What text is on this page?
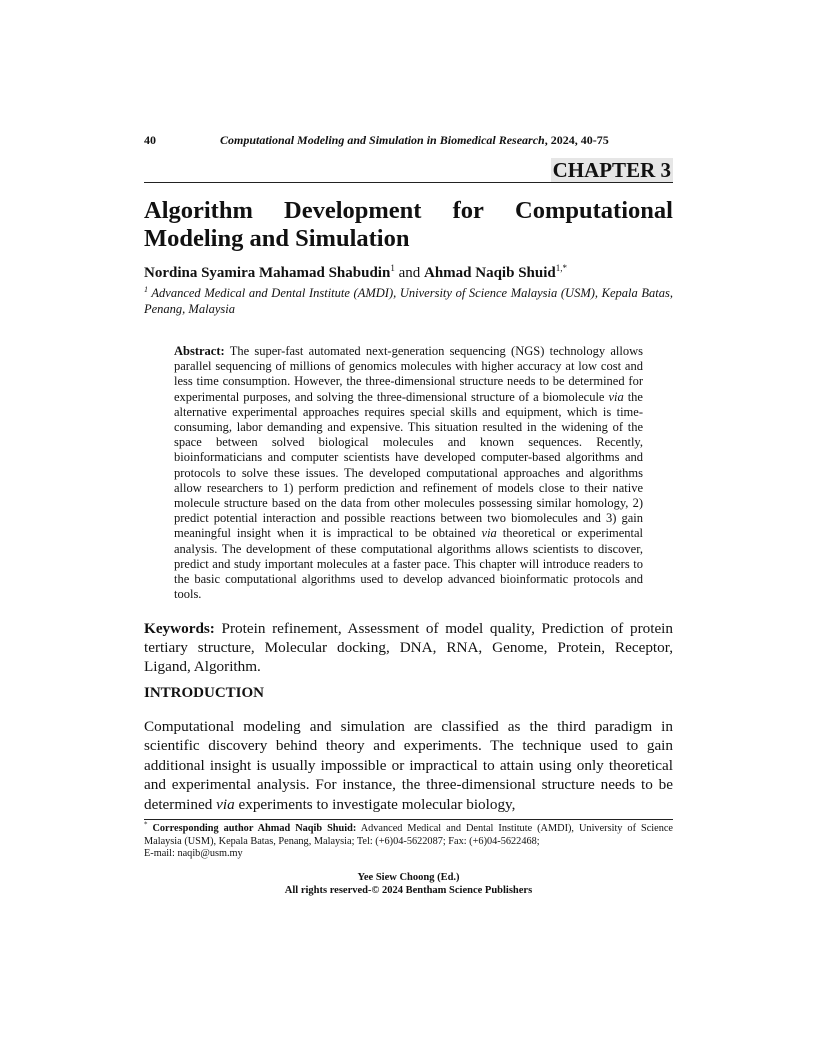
40	Computational Modeling and Simulation in Biomedical Research, 2024, 40-75
CHAPTER 3
Algorithm Development for Computational
Modeling and Simulation
Nordina Syamira Mahamad Shabudin$^1$ and Ahmad Naqib Shuid$^{1,*}$
$^1$ Advanced Medical and Dental Institute (AMDI), University of Science Malaysia (USM), Kepala Batas, Penang, Malaysia

Abstract: The super-fast automated next-generation sequencing (NGS) technology allows parallel sequencing of millions of genomics molecules with higher accuracy at low cost and less time consumption. However, the three-dimensional structure needs to be determined for experimental purposes, and solving the three-dimensional structure of a biomolecule via the alternative experimental approaches requires special skills and equipment, which is time-consuming, labor demanding and expensive. This situation resulted in the widening of the space between solved biological molecules and known sequences. Recently, bioinformaticians and computer scientists have developed computer-based algorithms and protocols to solve these issues. The developed computational approaches and algorithms allow researchers to 1) perform prediction and refinement of models close to their native molecule structure based on the data from other molecules possessing similar homology, 2) predict potential interaction and possible reactions between two biomolecules and 3) gain meaningful insight when it is impractical to be obtained via theoretical or experimental analysis. The development of these computational algorithms allows scientists to discover, predict and study important molecules at a faster pace. This chapter will introduce readers to the basic computational algorithms used to develop advanced bioinformatic protocols and tools.

Keywords: Protein refinement, Assessment of model quality, Prediction of protein tertiary structure, Molecular docking, DNA, RNA, Genome, Protein, Receptor, Ligand, Algorithm.

INTRODUCTION

Computational modeling and simulation are classified as the third paradigm in scientific discovery behind theory and experiments. The technique used to gain additional insight is usually impossible or impractical to attain using only theoretical and experimental analysis. For instance, the three-dimensional structure needs to be determined via experiments to investigate molecular biology,

* Corresponding author Ahmad Naqib Shuid: Advanced Medical and Dental Institute (AMDI), University of Science Malaysia (USM), Kepala Batas, Penang, Malaysia; Tel: (+6)04-5622087; Fax: (+6)04-5622468;
E-mail: naqib@usm.my

Yee Siew Choong (Ed.)
All rights reserved-© 2024 Bentham Science Publishers
